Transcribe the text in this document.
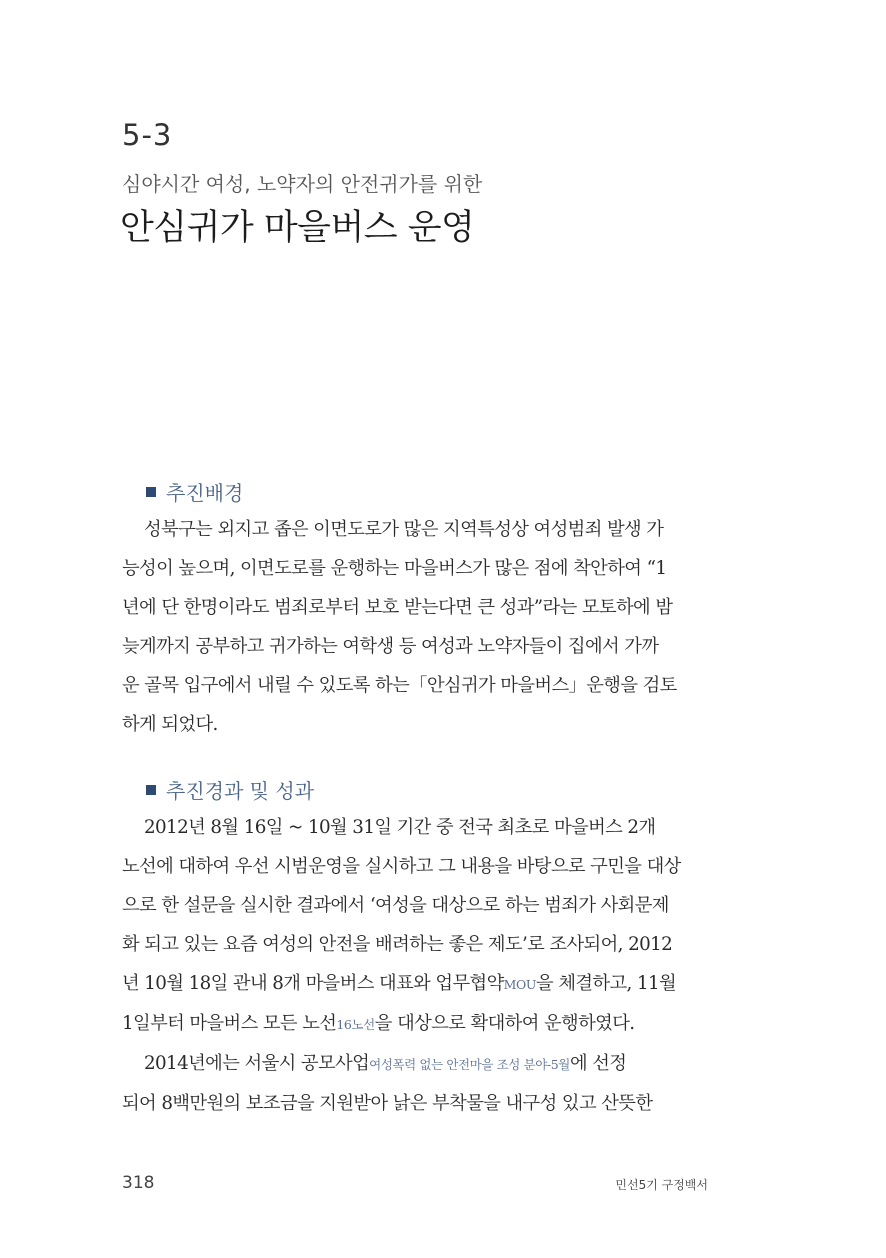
5-3
심야시간 여성, 노약자의 안전귀가를 위한
안심귀가 마을버스 운영
추진배경
성북구는 외지고 좁은 이면도로가 많은 지역특성상 여성범죄 발생 가
능성이 높으며, 이면도로를 운행하는 마을버스가 많은 점에 착안하여 “1
년에 단 한명이라도 범죄로부터 보호 받는다면 큰 성과”라는 모토하에 밤
늦게까지 공부하고 귀가하는 여학생 등 여성과 노약자들이 집에서 가까
운 골목 입구에서 내릴 수 있도록 하는「안심귀가 마을버스」운행을 검토
하게 되었다.
추진경과 및 성과
2012년 8월 16일 ~ 10월 31일 기간 중 전국 최초로 마을버스 2개
노선에 대하여 우선 시범운영을 실시하고 그 내용을 바탕으로 구민을 대상
으로 한 설문을 실시한 결과에서 ‘여성을 대상으로 하는 범죄가 사회문제
화 되고 있는 요즘 여성의 안전을 배려하는 좋은 제도’로 조사되어, 2012
년 10월 18일 관내 8개 마을버스 대표와 업무협약MOU을 체결하고, 11월
1일부터 마을버스 모든 노선16노선을 대상으로 확대하여 운행하였다.
2014년에는 서울시 공모사업여성폭력 없는 안전마을 조성 분야-5월에 선정
되어 8백만원의 보조금을 지원받아 낡은 부착물을 내구성 있고 산뜻한
318	민선5기 구정백서
